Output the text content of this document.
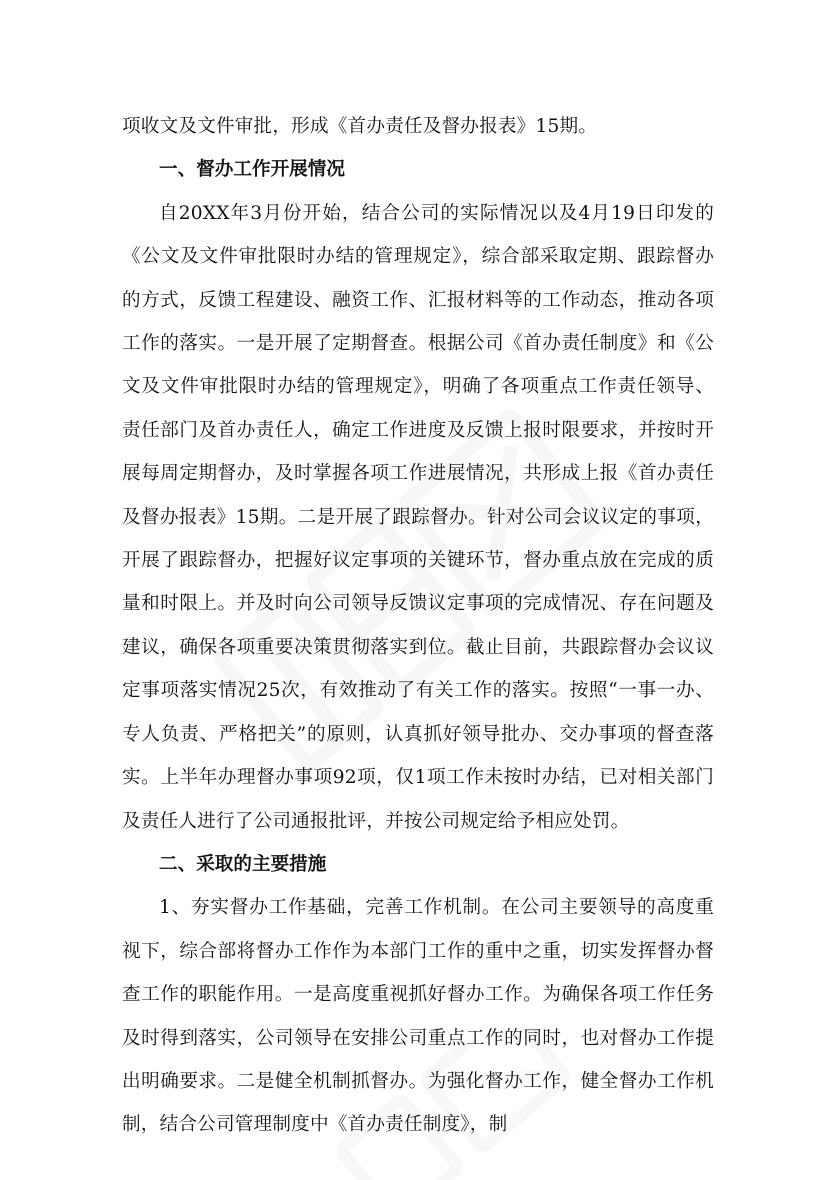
项收文及文件审批，形成《首办责任及督办报表》15期。

一、督办工作开展情况

自20XX年3月份开始，结合公司的实际情况以及4月19日印发的《公文及文件审批限时办结的管理规定》，综合部采取定期、跟踪督办的方式，反馈工程建设、融资工作、汇报材料等的工作动态，推动各项工作的落实。一是开展了定期督查。根据公司《首办责任制度》和《公文及文件审批限时办结的管理规定》，明确了各项重点工作责任领导、责任部门及首办责任人，确定工作进度及反馈上报时限要求，并按时开展每周定期督办，及时掌握各项工作进展情况，共形成上报《首办责任及督办报表》15期。二是开展了跟踪督办。针对公司会议议定的事项，开展了跟踪督办，把握好议定事项的关键环节，督办重点放在完成的质量和时限上。并及时向公司领导反馈议定事项的完成情况、存在问题及建议，确保各项重要决策贯彻落实到位。截止目前，共跟踪督办会议议定事项落实情况25次，有效推动了有关工作的落实。按照“一事一办、专人负责、严格把关”的原则，认真抓好领导批办、交办事项的督查落实。上半年办理督办事项92项，仅1项工作未按时办结，已对相关部门及责任人进行了公司通报批评，并按公司规定给予相应处罚。

二、采取的主要措施

1、夯实督办工作基础，完善工作机制。在公司主要领导的高度重视下，综合部将督办工作作为本部门工作的重中之重，切实发挥督办督查工作的职能作用。一是高度重视抓好督办工作。为确保各项工作任务及时得到落实，公司领导在安排公司重点工作的同时，也对督办工作提出明确要求。二是健全机制抓督办。为强化督办工作，健全督办工作机制，结合公司管理制度中《首办责任制度》，制
